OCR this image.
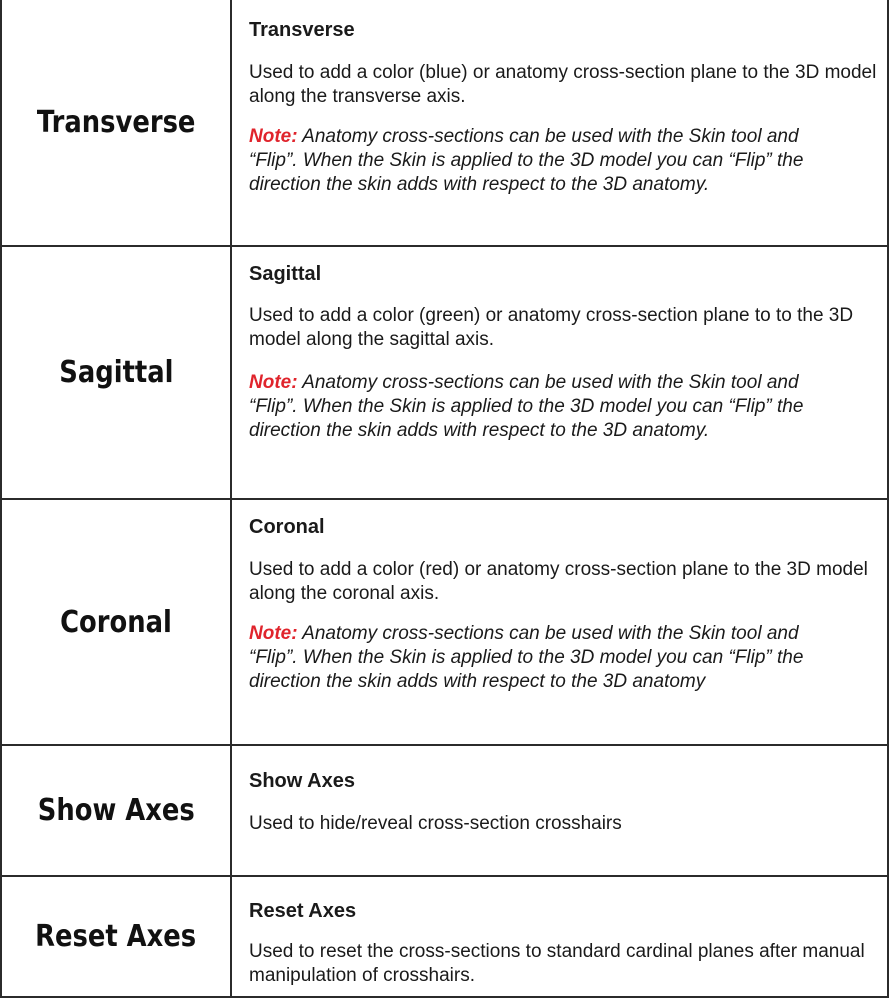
Transverse
Transverse
Used to add a color (blue) or anatomy cross-section plane to the 3D model along the transverse axis.
Note: Anatomy cross-sections can be used with the Skin tool and “Flip”. When the Skin is applied to the 3D model you can “Flip” the direction the skin adds with respect to the 3D anatomy.
Sagittal
Sagittal
Used to add a color (green) or anatomy cross-section plane to to the 3D model along the sagittal axis.
Note: Anatomy cross-sections can be used with the Skin tool and “Flip”. When the Skin is applied to the 3D model you can “Flip” the direction the skin adds with respect to the 3D anatomy.
Coronal
Coronal
Used to add a color (red) or anatomy cross-section plane to the 3D model along the coronal axis.
Note: Anatomy cross-sections can be used with the Skin tool and “Flip”. When the Skin is applied to the 3D model you can “Flip” the direction the skin adds with respect to the 3D anatomy
Show Axes
Show Axes
Used to hide/reveal cross-section crosshairs
Reset Axes
Reset Axes
Used to reset the cross-sections to standard cardinal planes after manual manipulation of crosshairs.
